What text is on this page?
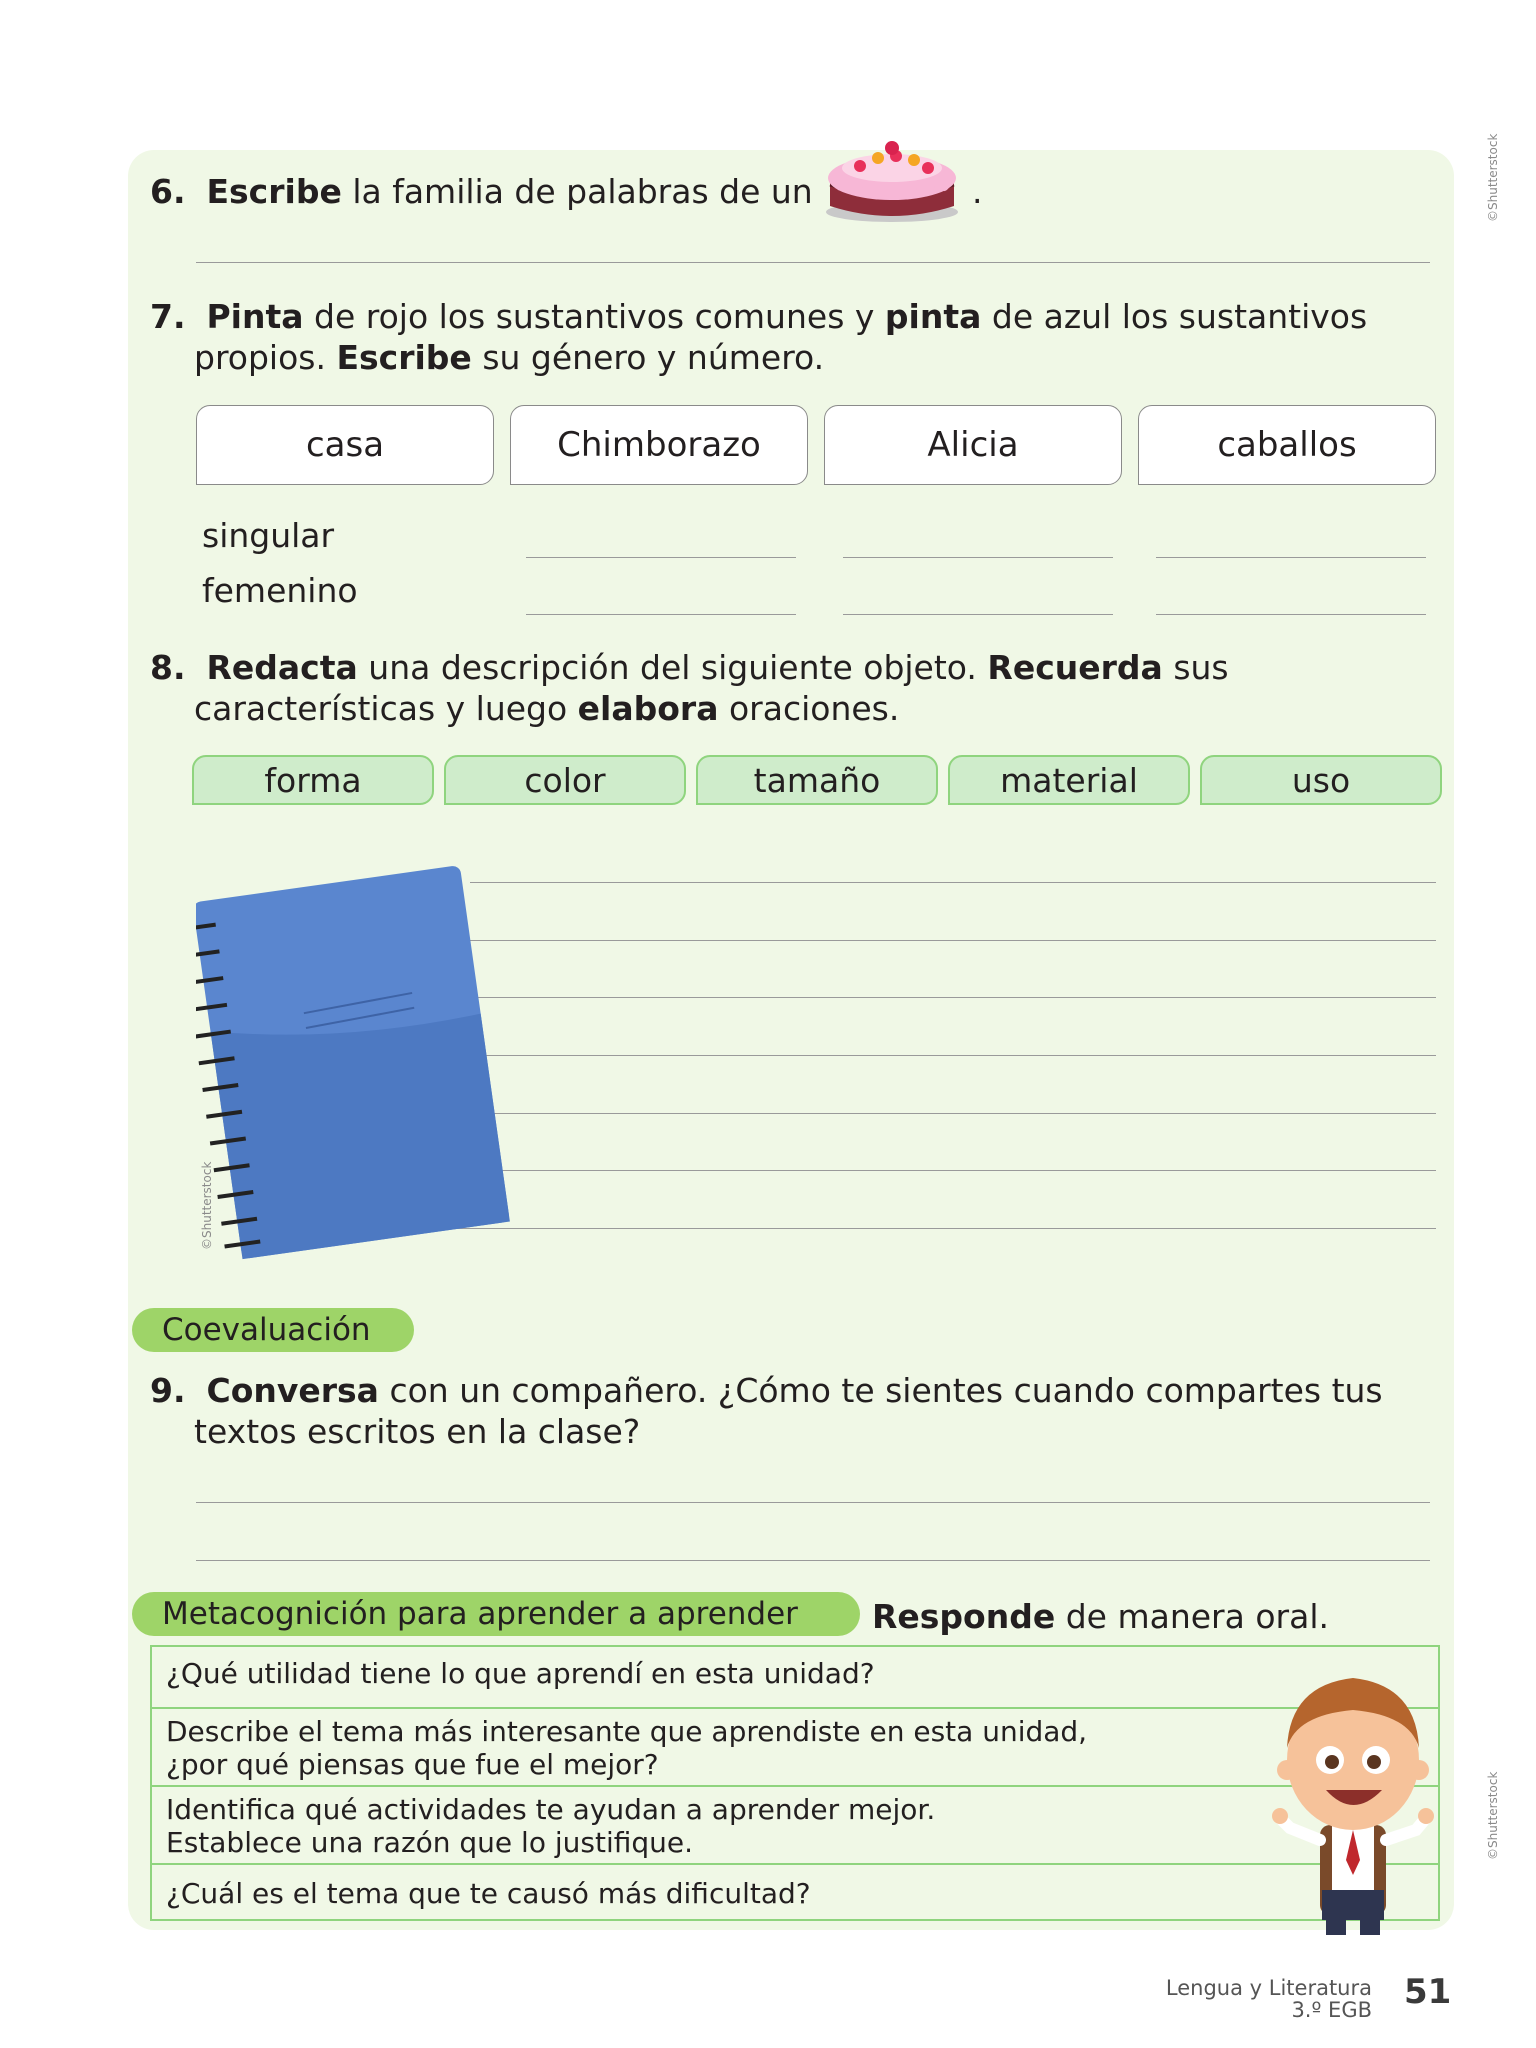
6. Escribe la familia de palabras de un	.
7. Pinta de rojo los sustantivos comunes y pinta de azul los sustantivos
propios. Escribe su género y número.
casa	Chimborazo	Alicia	caballos
singular
femenino
8. Redacta una descripción del siguiente objeto. Recuerda sus
características y luego elabora oraciones.
forma	color	tamaño	material	uso
©Shutterstock
Coevaluación
9. Conversa con un compañero. ¿Cómo te sientes cuando compartes tus
textos escritos en la clase?
Metacognición para aprender a aprender	Responde de manera oral.
¿Qué utilidad tiene lo que aprendí en esta unidad?
Describe el tema más interesante que aprendiste en esta unidad,
¿por qué piensas que fue el mejor?
Identifica qué actividades te ayudan a aprender mejor.
Establece una razón que lo justifique.
¿Cuál es el tema que te causó más dificultad?
©Shutterstock
©Shutterstock
Lengua y Literatura
3.º EGB 51
